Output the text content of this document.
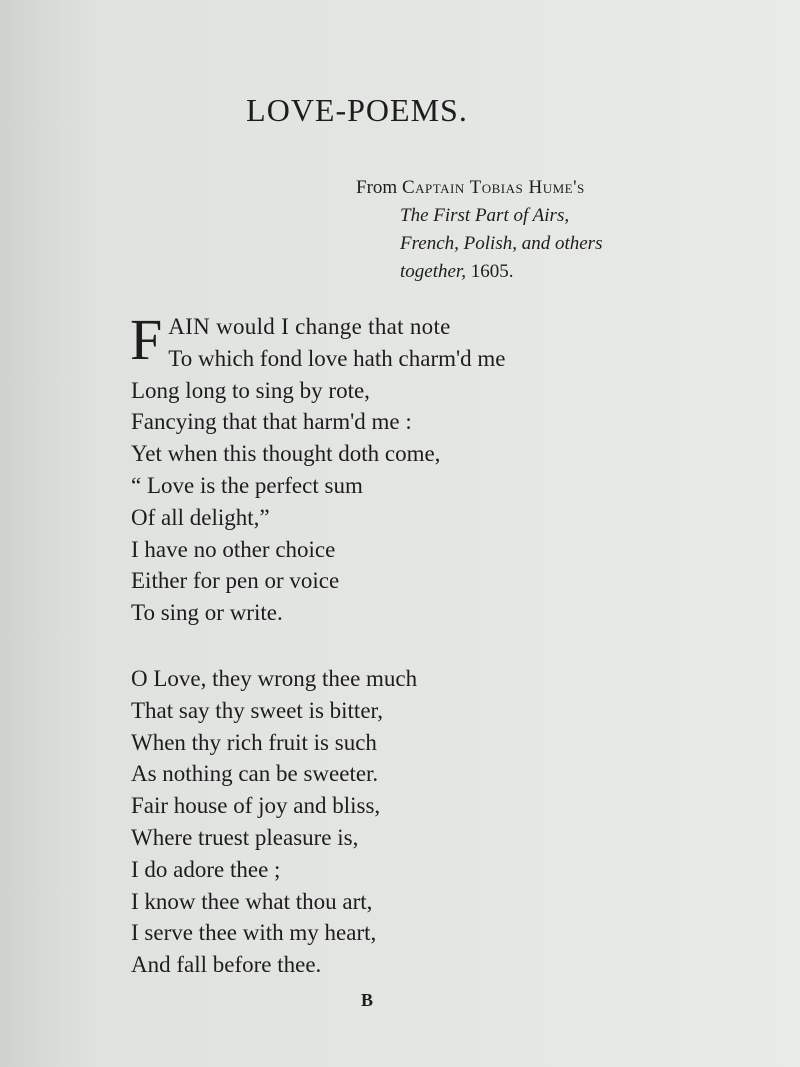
LOVE-POEMS.
From Captain Tobias Hume's
The First Part of Airs,
French, Polish, and others
together, 1605.
F AIN would I change that note
To which fond love hath charm'd me
Long long to sing by rote,
Fancying that that harm'd me :
Yet when this thought doth come,
“ Love is the perfect sum
Of all delight,”
I have no other choice
Either for pen or voice
To sing or write.
O Love, they wrong thee much
That say thy sweet is bitter,
When thy rich fruit is such
As nothing can be sweeter.
Fair house of joy and bliss,
Where truest pleasure is,
I do adore thee ;
I know thee what thou art,
I serve thee with my heart,
And fall before thee.
B
